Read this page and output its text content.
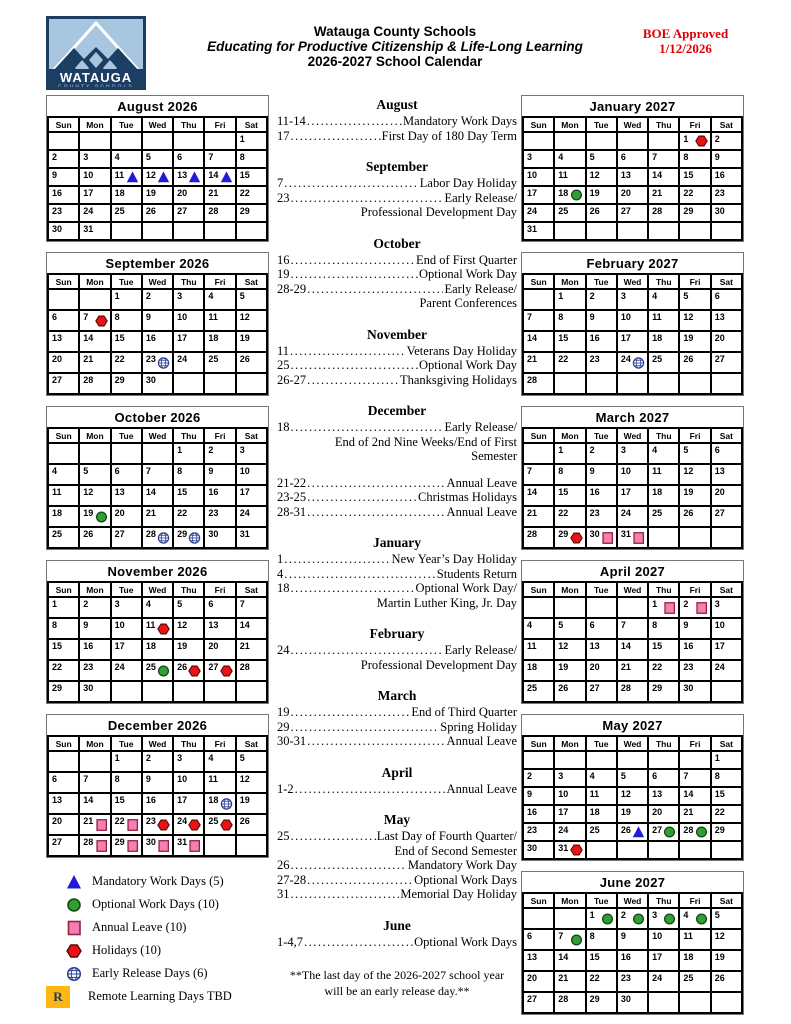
WATAUGA
COUNTY SCHOOLS
Watauga County Schools
Educating for Productive Citizenship & Life-Long Learning
2026-2027 School Calendar
BOE Approved
1/12/2026
August 2026
Sun	Mon	Tue	Wed	Thu	Fri	Sat
						1
2	3	4	5	6	7	8
9	10	11	12	13	14	15
16	17	18	19	20	21	22
23	24	25	26	27	28	29
30	31					
September 2026
Sun	Mon	Tue	Wed	Thu	Fri	Sat
		1	2	3	4	5
6	7	8	9	10	11	12
13	14	15	16	17	18	19
20	21	22	23	24	25	26
27	28	29	30			
October 2026
Sun	Mon	Tue	Wed	Thu	Fri	Sat
				1	2	3
4	5	6	7	8	9	10
11	12	13	14	15	16	17
18	19	20	21	22	23	24
25	26	27	28	29	30	31
November 2026
Sun	Mon	Tue	Wed	Thu	Fri	Sat
1	2	3	4	5	6	7
8	9	10	11	12	13	14
15	16	17	18	19	20	21
22	23	24	25	26	27	28
29	30					
December 2026
Sun	Mon	Tue	Wed	Thu	Fri	Sat
		1	2	3	4	5
6	7	8	9	10	11	12
13	14	15	16	17	18	19
20	21	22	23	24	25	26
27	28	29	30	31

Mandatory Work Days (5)
Optional Work Days (10)
Annual Leave (10)
Holidays (10)
Early Release Days (6)
R	Remote Learning Days TBD
August
11-14 .....	Mandatory Work Days
17 .....	First Day of 180 Day Term
September
7 .....	Labor Day Holiday
23 .....	Early Release/
Professional Development Day
October
16 .....	End of First Quarter
19 .....	Optional Work Day
28-29 .....	Early Release/
Parent Conferences
November
11 .....	Veterans Day Holiday
25 .....	Optional Work Day
26-27 .....	Thanksgiving Holidays
December
18 .....	Early Release/
End of 2nd Nine Weeks/End of First
Semester
21-22 .....	Annual Leave
23-25 .....	Christmas Holidays
28-31 .....	Annual Leave
January
1 .....	New Year’s Day Holiday
4 .....	Students Return
18 .....	Optional Work Day/
Martin Luther King, Jr. Day
February
24 .....	Early Release/
Professional Development Day
March
19 .....	End of Third Quarter
29 .....	Spring Holiday
30-31 .....	Annual Leave
April
1-2 .....	Annual Leave
May
25 .....	Last Day of Fourth Quarter/
End of Second Semester
26 .....	Mandatory Work Day
27-28 .....	Optional Work Days
31 .....	Memorial Day Holiday
June
1-4,7 .....	Optional Work Days
**The last day of the 2026-2027 school year
will be an early release day.**
January 2027
Sun	Mon	Tue	Wed	Thu	Fri	Sat
					1	2
3	4	5	6	7	8	9
10	11	12	13	14	15	16
17	18	19	20	21	22	23
24	25	26	27	28	29	30
31						
February 2027
Sun	Mon	Tue	Wed	Thu	Fri	Sat
	1	2	3	4	5	6
7	8	9	10	11	12	13
14	15	16	17	18	19	20
21	22	23	24	25	26	27
28						
March 2027
Sun	Mon	Tue	Wed	Thu	Fri	Sat
	1	2	3	4	5	6
7	8	9	10	11	12	13
14	15	16	17	18	19	20
21	22	23	24	25	26	27
28	29	30	31

April 2027
Sun	Mon	Tue	Wed	Thu	Fri	Sat
				1	2	3
4	5	6	7	8	9	10
11	12	13	14	15	16	17
18	19	20	21	22	23	24
25	26	27	28	29	30	
May 2027
Sun	Mon	Tue	Wed	Thu	Fri	Sat
						1
2	3	4	5	6	7	8
9	10	11	12	13	14	15
16	17	18	19	20	21	22
23	24	25	26	27	28	29
30	31

June 2027
Sun	Mon	Tue	Wed	Thu	Fri	Sat
		1	2	3	4	5
6	7	8	9	10	11	12
13	14	15	16	17	18	19
20	21	22	23	24	25	26
27	28	29	30			
